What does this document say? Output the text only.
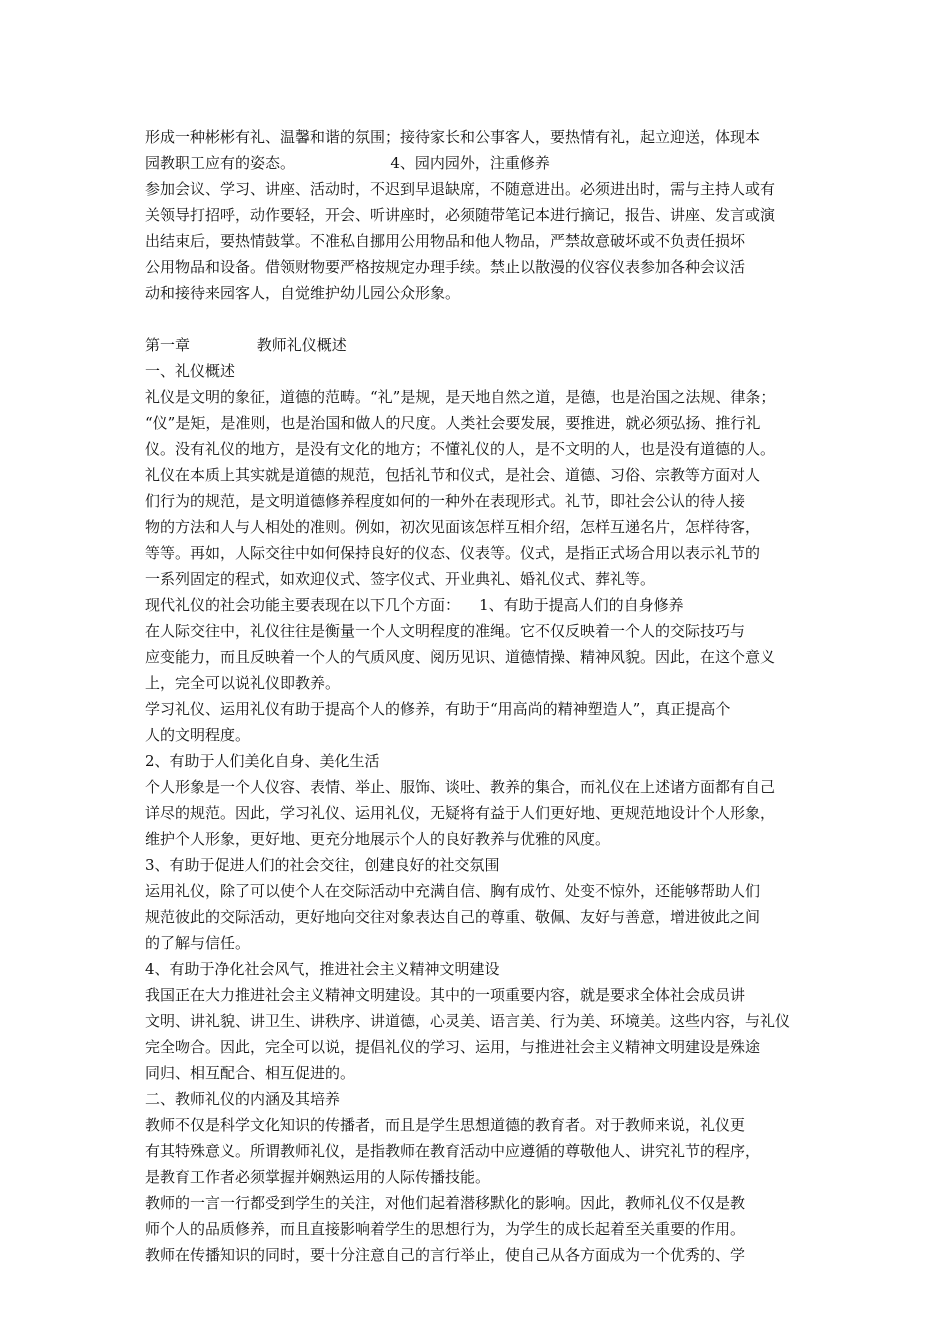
形成一种彬彬有礼、温馨和谐的氛围；接待家长和公事客人，要热情有礼，起立迎送，体现本
园教职工应有的姿态。                    4、园内园外，注重修养
参加会议、学习、讲座、活动时，不迟到早退缺席，不随意进出。必须进出时，需与主持人或有
关领导打招呼，动作要轻，开会、听讲座时，必须随带笔记本进行摘记，报告、讲座、发言或演
出结束后，要热情鼓掌。不准私自挪用公用物品和他人物品，严禁故意破坏或不负责任损坏
公用物品和设备。借领财物要严格按规定办理手续。禁止以散漫的仪容仪表参加各种会议活
动和接待来园客人，自觉维护幼儿园公众形象。
第一章              教师礼仪概述
一、礼仪概述
礼仪是文明的象征，道德的范畴。“礼”是规，是天地自然之道，是德，也是治国之法规、律条；
“仪”是矩，是准则，也是治国和做人的尺度。人类社会要发展，要推进，就必须弘扬、推行礼
仪。没有礼仪的地方，是没有文化的地方；不懂礼仪的人，是不文明的人，也是没有道德的人。
礼仪在本质上其实就是道德的规范，包括礼节和仪式，是社会、道德、习俗、宗教等方面对人
们行为的规范，是文明道德修养程度如何的一种外在表现形式。礼节，即社会公认的待人接
物的方法和人与人相处的准则。例如，初次见面该怎样互相介绍，怎样互递名片，怎样待客，
等等。再如，人际交往中如何保持良好的仪态、仪表等。仪式，是指正式场合用以表示礼节的
一系列固定的程式，如欢迎仪式、签字仪式、开业典礼、婚礼仪式、葬礼等。
现代礼仪的社会功能主要表现在以下几个方面：    1、有助于提高人们的自身修养
在人际交往中，礼仪往往是衡量一个人文明程度的准绳。它不仅反映着一个人的交际技巧与
应变能力，而且反映着一个人的气质风度、阅历见识、道德情操、精神风貌。因此，在这个意义
上，完全可以说礼仪即教养。
学习礼仪、运用礼仪有助于提高个人的修养，有助于“用高尚的精神塑造人”，真正提高个
人的文明程度。
2、有助于人们美化自身、美化生活
个人形象是一个人仪容、表情、举止、服饰、谈吐、教养的集合，而礼仪在上述诸方面都有自己
详尽的规范。因此，学习礼仪、运用礼仪，无疑将有益于人们更好地、更规范地设计个人形象，
维护个人形象，更好地、更充分地展示个人的良好教养与优雅的风度。
3、有助于促进人们的社会交往，创建良好的社交氛围
运用礼仪，除了可以使个人在交际活动中充满自信、胸有成竹、处变不惊外，还能够帮助人们
规范彼此的交际活动，更好地向交往对象表达自己的尊重、敬佩、友好与善意，增进彼此之间
的了解与信任。
4、有助于净化社会风气，推进社会主义精神文明建设
我国正在大力推进社会主义精神文明建设。其中的一项重要内容，就是要求全体社会成员讲
文明、讲礼貌、讲卫生、讲秩序、讲道德，心灵美、语言美、行为美、环境美。这些内容，与礼仪
完全吻合。因此，完全可以说，提倡礼仪的学习、运用，与推进社会主义精神文明建设是殊途
同归、相互配合、相互促进的。
二、教师礼仪的内涵及其培养
教师不仅是科学文化知识的传播者，而且是学生思想道德的教育者。对于教师来说，礼仪更
有其特殊意义。所谓教师礼仪，是指教师在教育活动中应遵循的尊敬他人、讲究礼节的程序，
是教育工作者必须掌握并娴熟运用的人际传播技能。
教师的一言一行都受到学生的关注，对他们起着潜移默化的影响。因此，教师礼仪不仅是教
师个人的品质修养，而且直接影响着学生的思想行为，为学生的成长起着至关重要的作用。
教师在传播知识的同时，要十分注意自己的言行举止，使自己从各方面成为一个优秀的、学
